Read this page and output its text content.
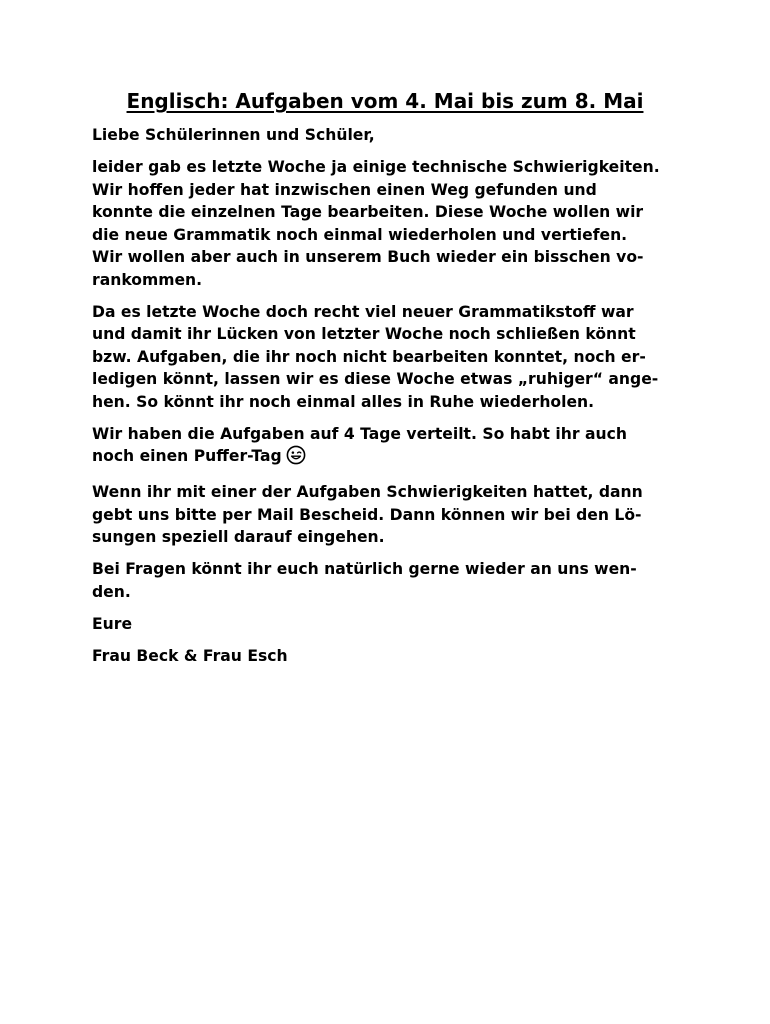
Englisch: Aufgaben vom 4. Mai bis zum 8. Mai

Liebe Schülerinnen und Schüler,

leider gab es letzte Woche ja einige technische Schwierigkeiten.
Wir hoffen jeder hat inzwischen einen Weg gefunden und
konnte die einzelnen Tage bearbeiten. Diese Woche wollen wir
die neue Grammatik noch einmal wiederholen und vertiefen.
Wir wollen aber auch in unserem Buch wieder ein bisschen vo-
rankommen.

Da es letzte Woche doch recht viel neuer Grammatikstoff war
und damit ihr Lücken von letzter Woche noch schließen könnt
bzw. Aufgaben, die ihr noch nicht bearbeiten konntet, noch er-
ledigen könnt, lassen wir es diese Woche etwas „ruhiger“ ange-
hen. So könnt ihr noch einmal alles in Ruhe wiederholen.

Wir haben die Aufgaben auf 4 Tage verteilt. So habt ihr auch
noch einen Puffer-Tag

Wenn ihr mit einer der Aufgaben Schwierigkeiten hattet, dann
gebt uns bitte per Mail Bescheid. Dann können wir bei den Lö-
sungen speziell darauf eingehen.

Bei Fragen könnt ihr euch natürlich gerne wieder an uns wen-
den.

Eure

Frau Beck & Frau Esch
